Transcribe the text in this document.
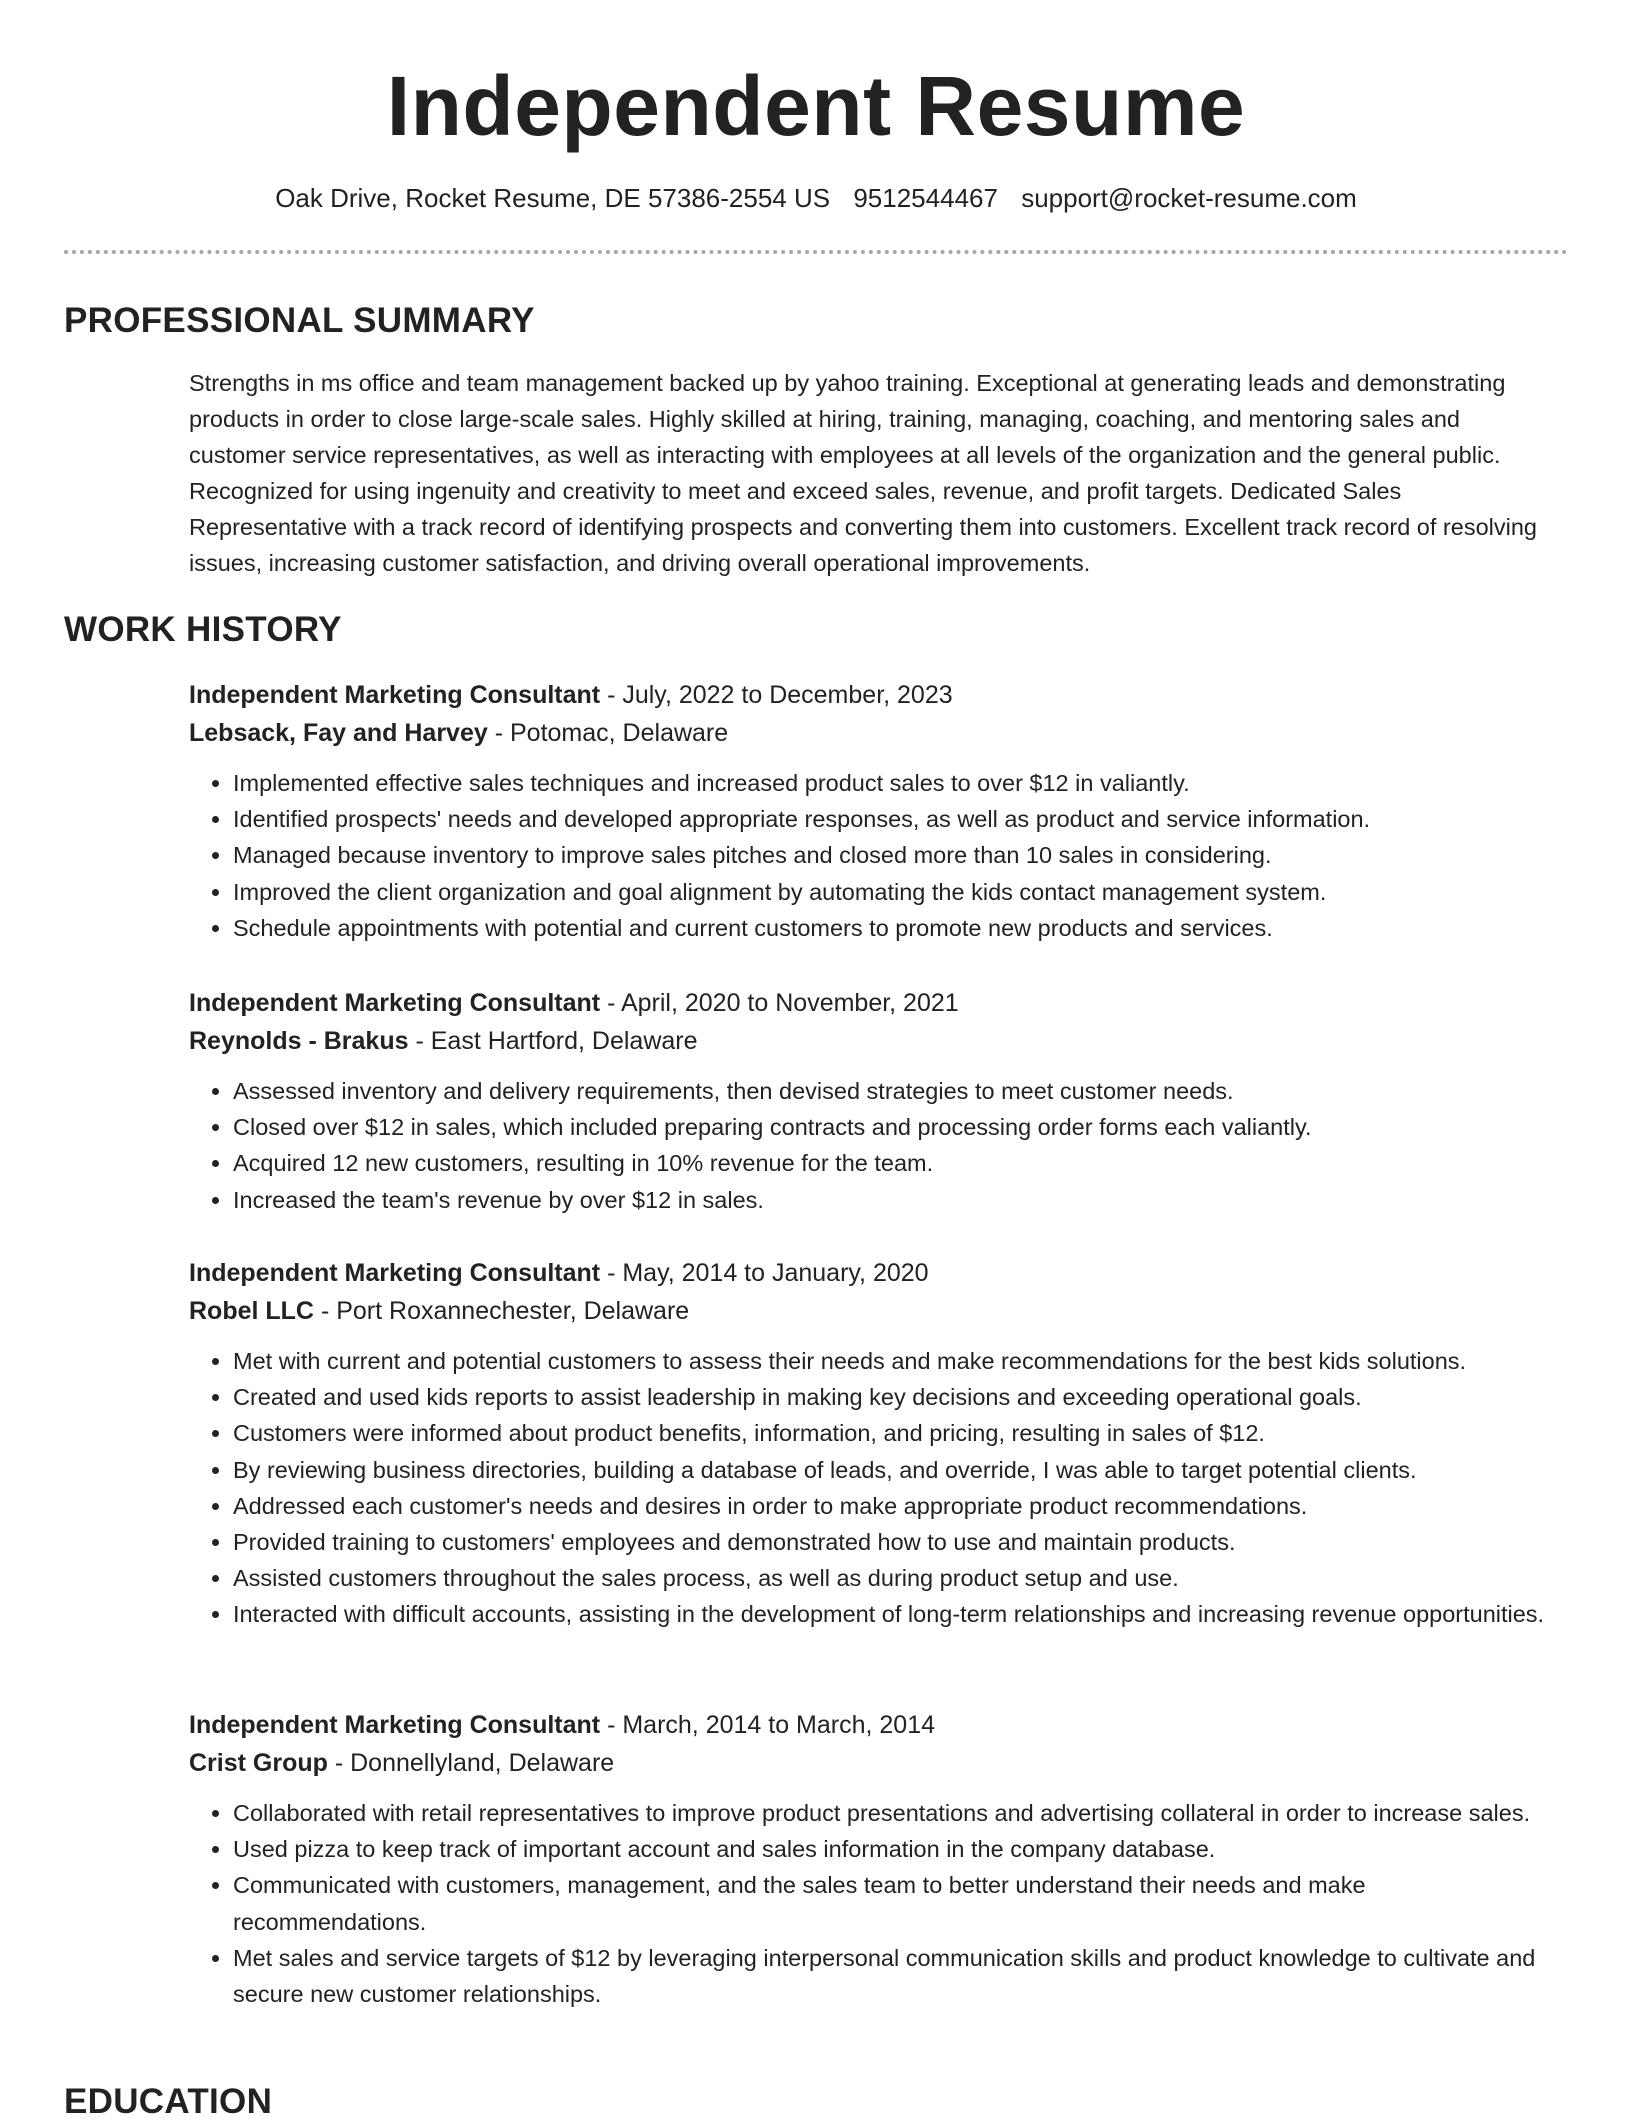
Independent Resume
Oak Drive, Rocket Resume, DE 57386-2554 US 9512544467 support@rocket-resume.com
PROFESSIONAL SUMMARY
Strengths in ms office and team management backed up by yahoo training. Exceptional at generating leads and demonstrating products in order to close large-scale sales. Highly skilled at hiring, training, managing, coaching, and mentoring sales and customer service representatives, as well as interacting with employees at all levels of the organization and the general public. Recognized for using ingenuity and creativity to meet and exceed sales, revenue, and profit targets. Dedicated Sales Representative with a track record of identifying prospects and converting them into customers. Excellent track record of resolving issues, increasing customer satisfaction, and driving overall operational improvements.
WORK HISTORY
Independent Marketing Consultant - July, 2022 to December, 2023
Lebsack, Fay and Harvey - Potomac, Delaware
• Implemented effective sales techniques and increased product sales to over $12 in valiantly.
• Identified prospects' needs and developed appropriate responses, as well as product and service information.
• Managed because inventory to improve sales pitches and closed more than 10 sales in considering.
• Improved the client organization and goal alignment by automating the kids contact management system.
• Schedule appointments with potential and current customers to promote new products and services.
Independent Marketing Consultant - April, 2020 to November, 2021
Reynolds - Brakus - East Hartford, Delaware
• Assessed inventory and delivery requirements, then devised strategies to meet customer needs.
• Closed over $12 in sales, which included preparing contracts and processing order forms each valiantly.
• Acquired 12 new customers, resulting in 10% revenue for the team.
• Increased the team's revenue by over $12 in sales.
Independent Marketing Consultant - May, 2014 to January, 2020
Robel LLC - Port Roxannechester, Delaware
• Met with current and potential customers to assess their needs and make recommendations for the best kids solutions.
• Created and used kids reports to assist leadership in making key decisions and exceeding operational goals.
• Customers were informed about product benefits, information, and pricing, resulting in sales of $12.
• By reviewing business directories, building a database of leads, and override, I was able to target potential clients.
• Addressed each customer's needs and desires in order to make appropriate product recommendations.
• Provided training to customers' employees and demonstrated how to use and maintain products.
• Assisted customers throughout the sales process, as well as during product setup and use.
• Interacted with difficult accounts, assisting in the development of long-term relationships and increasing revenue opportunities.
Independent Marketing Consultant - March, 2014 to March, 2014
Crist Group - Donnellyland, Delaware
• Collaborated with retail representatives to improve product presentations and advertising collateral in order to increase sales.
• Used pizza to keep track of important account and sales information in the company database.
• Communicated with customers, management, and the sales team to better understand their needs and make recommendations.
• Met sales and service targets of $12 by leveraging interpersonal communication skills and product knowledge to cultivate and secure new customer relationships.
EDUCATION
